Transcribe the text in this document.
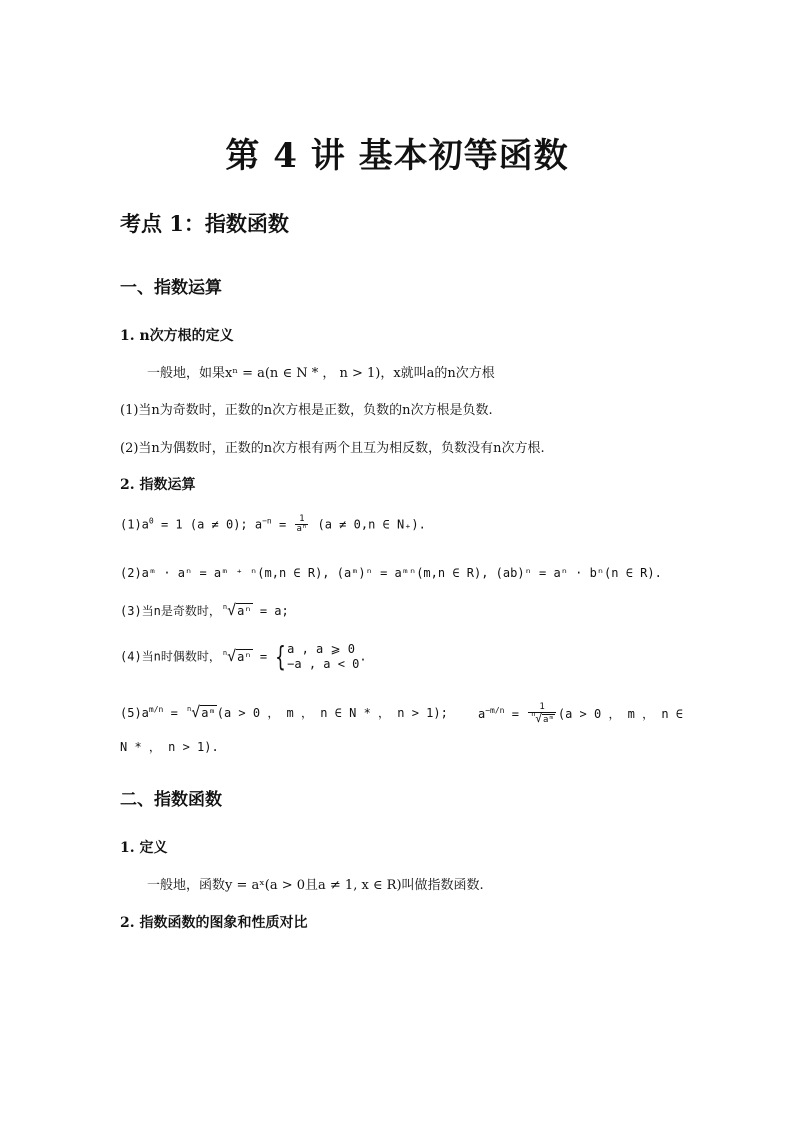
第 4 讲 基本初等函数
考点 1：指数函数
一、指数运算
1. n次方根的定义
一般地，如果xⁿ = a(n ∈ N * ， n > 1)，x就叫a的n次方根
(1)当n为奇数时，正数的n次方根是正数，负数的n次方根是负数.
(2)当n为偶数时，正数的n次方根有两个且互为相反数，负数没有n次方根.
2. 指数运算
$(1)a^0 = 1$ (a ≠ 0); $a^{-n} = \frac{1}{\text{aⁿ}} (a \ne 0,n$ ∈ N₊).
(2)aᵐ · aⁿ = aᵐ ⁺ ⁿ(m,n ∈ R), (aᵐ)ⁿ = aᵐⁿ(m,n ∈ R), (ab)ⁿ = aⁿ · bⁿ(n ∈ R).
(3)当n是奇数时， $^n$√aⁿ = a;
(4)当n时偶数时， $^n$√aⁿ = { a , a ⩾ 0
−a , a < 0
.
$(5)a^{m/n}$ = $^n$√aᵐ(a > 0 ， m ， n ∈ N * ， n > 1);	$a^{-m/n} = \frac{1}{^n√aᵐ} (a > 0$ ， m ， n ∈
N * ， n > 1).
二、指数函数
1. 定义
一般地，函数y = aˣ(a > 0且a ≠ 1, x ∈ R)叫做指数函数.
2. 指数函数的图象和性质对比
